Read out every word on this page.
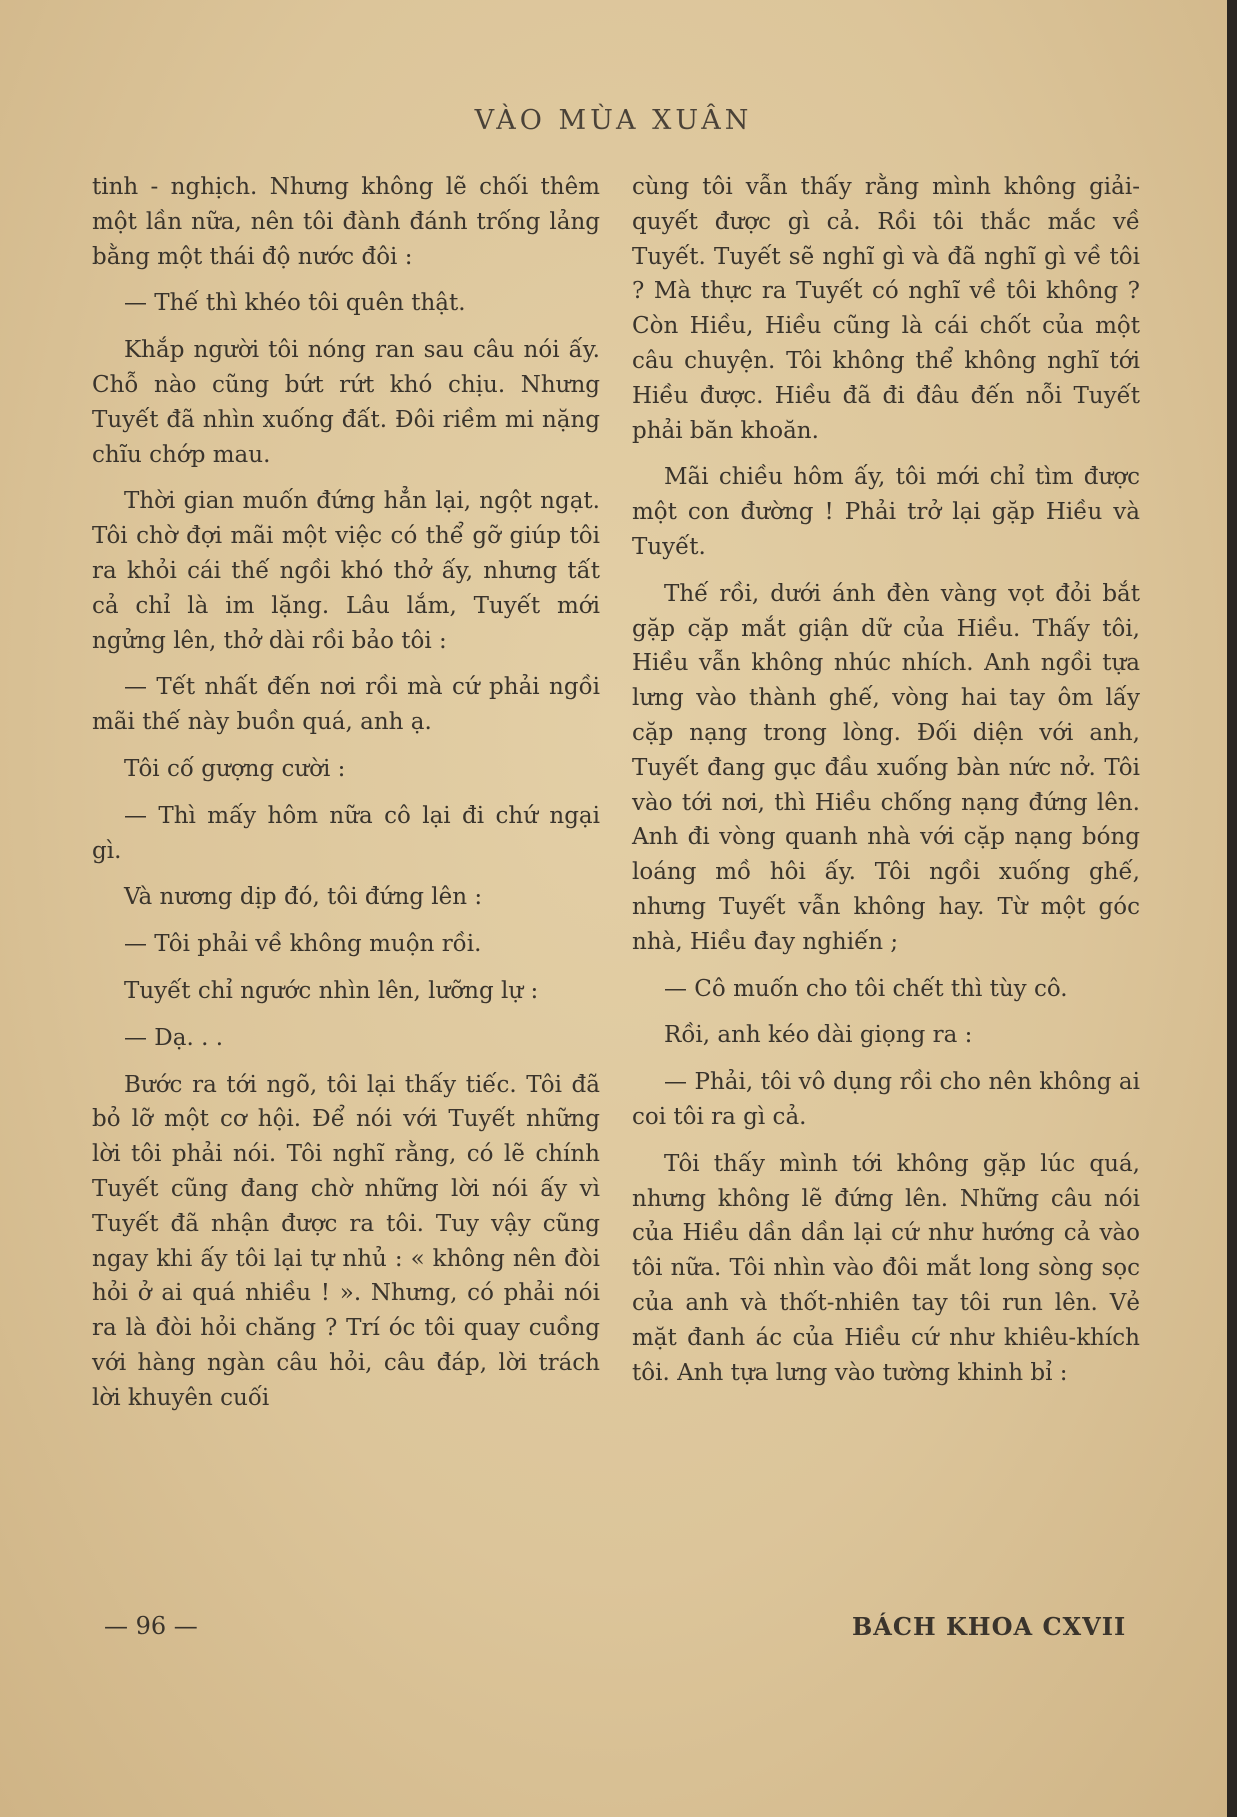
VÀO MÙA XUÂN

tinh - nghịch. Nhưng không lẽ chối thêm một lần nữa, nên tôi đành đánh trống lảng bằng một thái độ nước đôi :

— Thế thì khéo tôi quên thật.

Khắp người tôi nóng ran sau câu nói ấy. Chỗ nào cũng bứt rứt khó chịu. Nhưng Tuyết đã nhìn xuống đất. Đôi riềm mi nặng chĩu chớp mau.

Thời gian muốn đứng hẳn lại, ngột ngạt. Tôi chờ đợi mãi một việc có thể gỡ giúp tôi ra khỏi cái thế ngồi khó thở ấy, nhưng tất cả chỉ là im lặng. Lâu lắm, Tuyết mới ngửng lên, thở dài rồi bảo tôi :

— Tết nhất đến nơi rồi mà cứ phải ngồi mãi thế này buồn quá, anh ạ.

Tôi cố gượng cười :

— Thì mấy hôm nữa cô lại đi chứ ngại gì.

Và nương dịp đó, tôi đứng lên :

— Tôi phải về không muộn rồi.

Tuyết chỉ ngước nhìn lên, lưỡng lự :

— Dạ. . .

Bước ra tới ngõ, tôi lại thấy tiếc. Tôi đã bỏ lỡ một cơ hội. Để nói với Tuyết những lời tôi phải nói. Tôi nghĩ rằng, có lẽ chính Tuyết cũng đang chờ những lời nói ấy vì Tuyết đã nhận được ra tôi. Tuy vậy cũng ngay khi ấy tôi lại tự nhủ : « không nên đòi hỏi ở ai quá nhiều ! ». Nhưng, có phải nói ra là đòi hỏi chăng ? Trí óc tôi quay cuồng với hàng ngàn câu hỏi, câu đáp, lời trách lời khuyên cuối

cùng tôi vẫn thấy rằng mình không giải-quyết được gì cả. Rồi tôi thắc mắc về Tuyết. Tuyết sẽ nghĩ gì và đã nghĩ gì về tôi ? Mà thực ra Tuyết có nghĩ về tôi không ? Còn Hiều, Hiều cũng là cái chốt của một câu chuyện. Tôi không thể không nghĩ tới Hiều được. Hiều đã đi đâu đến nỗi Tuyết phải băn khoăn.

Mãi chiều hôm ấy, tôi mới chỉ tìm được một con đường ! Phải trở lại gặp Hiều và Tuyết.

Thế rồi, dưới ánh đèn vàng vọt đỏi bắt gặp cặp mắt giận dữ của Hiều. Thấy tôi, Hiều vẫn không nhúc nhích. Anh ngồi tựa lưng vào thành ghế, vòng hai tay ôm lấy cặp nạng trong lòng. Đối diện với anh, Tuyết đang gục đầu xuống bàn nức nở. Tôi vào tới nơi, thì Hiều chống nạng đứng lên. Anh đi vòng quanh nhà với cặp nạng bóng loáng mồ hôi ấy. Tôi ngồi xuống ghế, nhưng Tuyết vẫn không hay. Từ một góc nhà, Hiều đay nghiến ;

— Cô muốn cho tôi chết thì tùy cô.

Rồi, anh kéo dài giọng ra :

— Phải, tôi vô dụng rồi cho nên không ai coi tôi ra gì cả.

Tôi thấy mình tới không gặp lúc quá, nhưng không lẽ đứng lên. Những câu nói của Hiều dần dần lại cứ như hướng cả vào tôi nữa. Tôi nhìn vào đôi mắt long sòng sọc của anh và thốt-nhiên tay tôi run lên. Vẻ mặt đanh ác của Hiều cứ như khiêu-khích tôi. Anh tựa lưng vào tường khinh bỉ :

— 96 —	BÁCH KHOA CXVII
